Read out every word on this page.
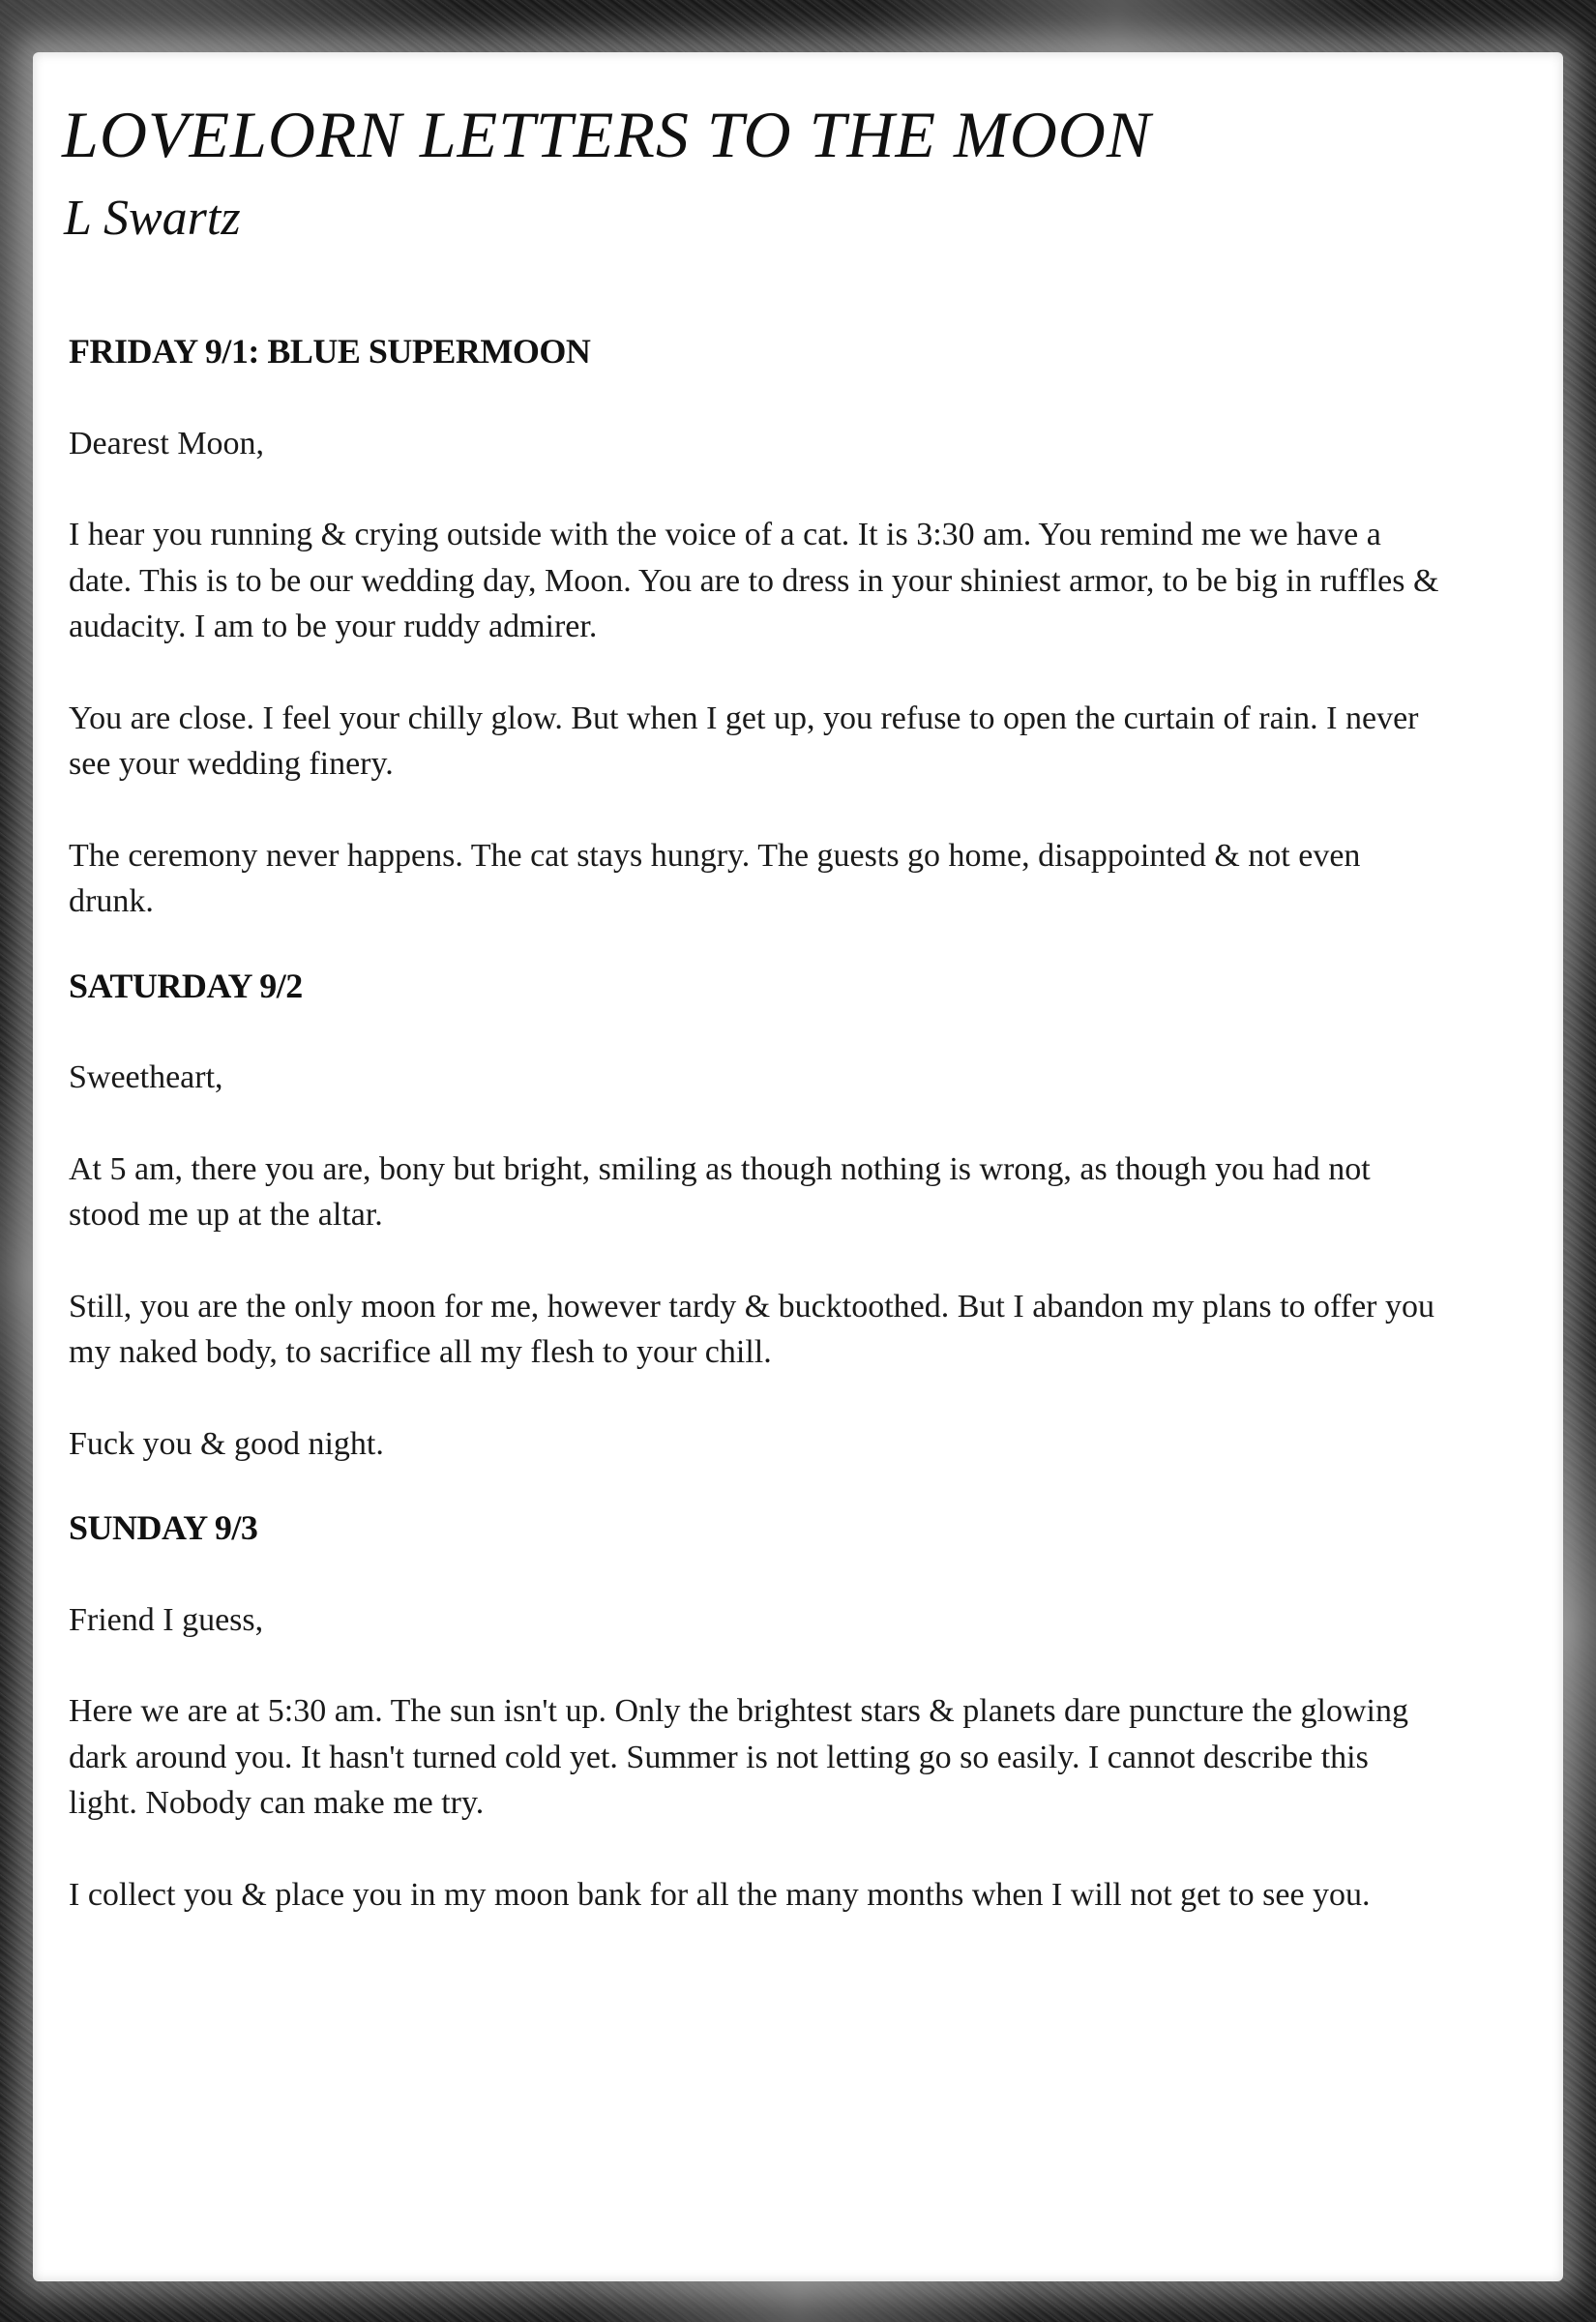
LOVELORN LETTERS TO THE MOON
L Swartz
FRIDAY 9/1: BLUE SUPERMOON
Dearest Moon,
I hear you running & crying outside with the voice of a cat. It is 3:30 am. You remind me we have a date. This is to be our wedding day, Moon. You are to dress in your shiniest armor, to be big in ruffles & audacity. I am to be your ruddy admirer.
You are close. I feel your chilly glow. But when I get up, you refuse to open the curtain of rain. I never see your wedding finery.
The ceremony never happens. The cat stays hungry. The guests go home, disappointed & not even drunk.
SATURDAY 9/2
Sweetheart,
At 5 am, there you are, bony but bright, smiling as though nothing is wrong, as though you had not stood me up at the altar.
Still, you are the only moon for me, however tardy & bucktoothed. But I abandon my plans to offer you my naked body, to sacrifice all my flesh to your chill.
Fuck you & good night.
SUNDAY 9/3
Friend I guess,
Here we are at 5:30 am. The sun isn't up. Only the brightest stars & planets dare puncture the glowing dark around you. It hasn't turned cold yet. Summer is not letting go so easily. I cannot describe this light. Nobody can make me try.
I collect you & place you in my moon bank for all the many months when I will not get to see you.
